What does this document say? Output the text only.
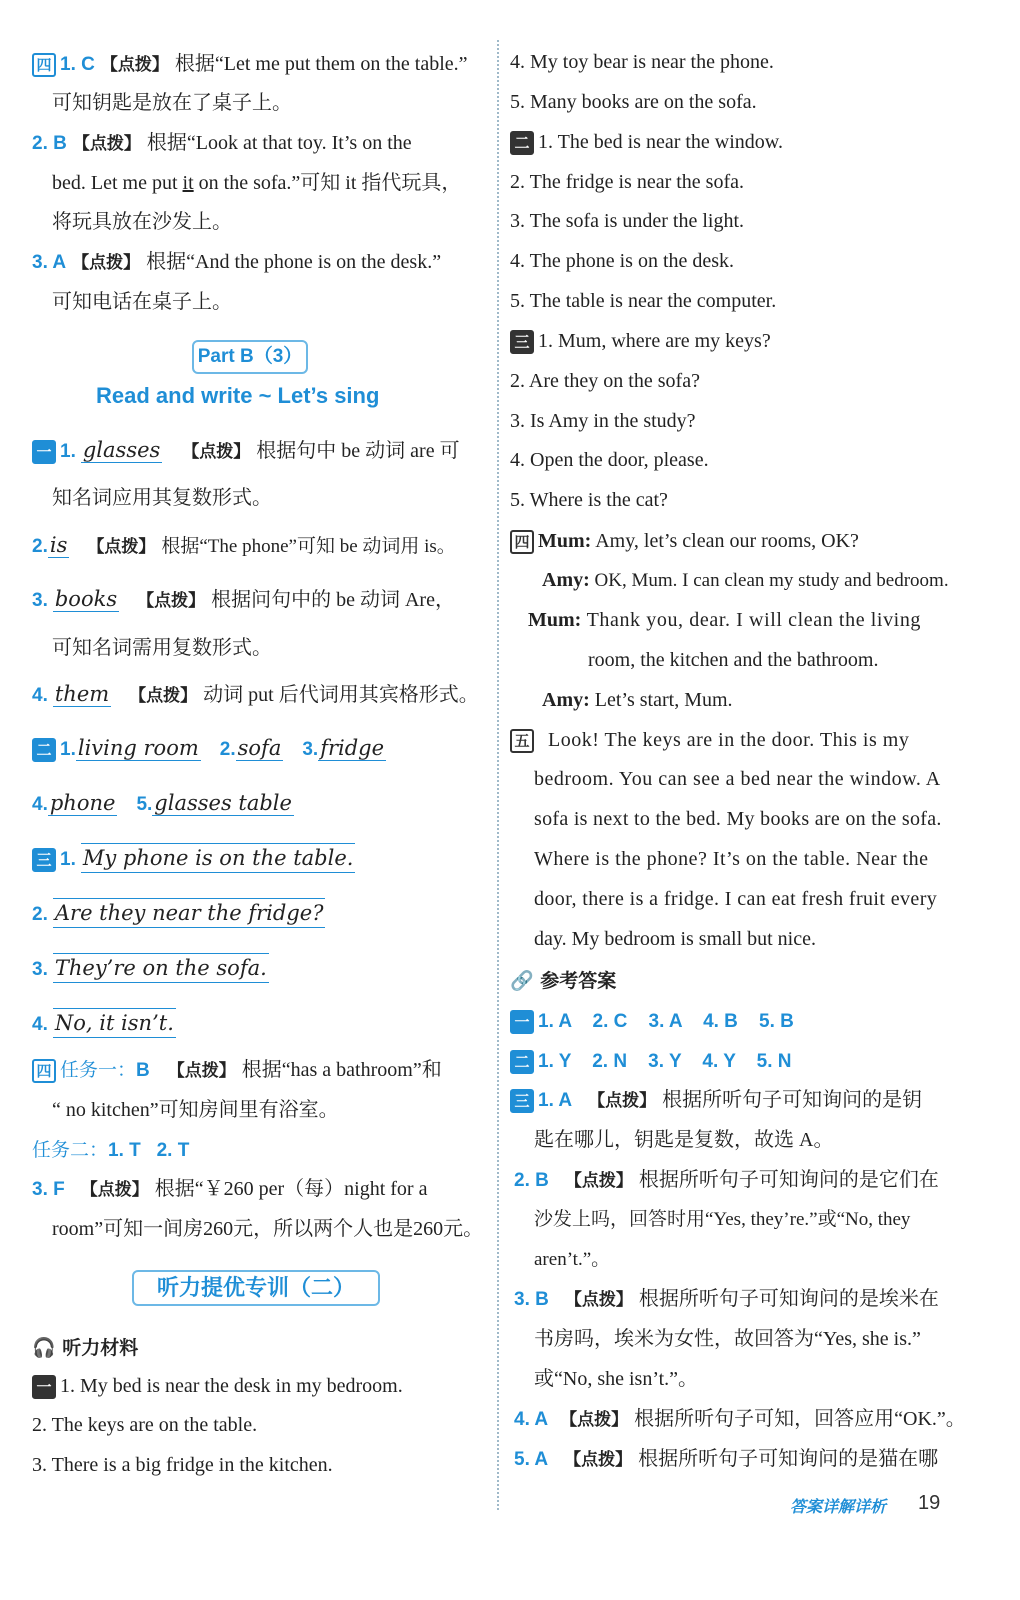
四 1. C 【点拨】 根据“Let me put them on the table.”
可知钥匙是放在了桌子上。
2. B 【点拨】 根据“Look at that toy. It’s on the
bed. Let me put it on the sofa.”可知 it 指代玩具，
将玩具放在沙发上。
3. A 【点拨】 根据“And the phone is on the desk.”
可知电话在桌子上。
Part B（3）
Read and write ~ Let’s sing
一 1. glasses 【点拨】 根据句中 be 动词 are 可
知名词应用其复数形式。
2.is 【点拨】 根据“The phone”可知 be 动词用 is。
3. books 【点拨】 根据问句中的 be 动词 Are，
可知名词需用复数形式。
4. them 【点拨】 动词 put 后代词用其宾格形式。
二 1.living room 2.sofa 3.fridge
4.phone 5.glasses table
三 1. My phone is on the table.
2. Are they near the fridge?
3. They’re on the sofa.
4. No, it isn’t.
四 任务一：B 【点拨】 根据“has a bathroom”和
“ no kitchen”可知房间里有浴室。
任务二：1. T   2. T
3. F 【点拨】 根据“￥260 per（每）night for a
room”可知一间房260元，所以两个人也是260元。
听力提优专训（二）
🎧 听力材料
一 1. My bed is near the desk in my bedroom.
2. The keys are on the table.
3. There is a big fridge in the kitchen.
4. My toy bear is near the phone.
5. Many books are on the sofa.
二 1. The bed is near the window.
2. The fridge is near the sofa.
3. The sofa is under the light.
4. The phone is on the desk.
5. The table is near the computer.
三 1. Mum, where are my keys?
2. Are they on the sofa?
3. Is Amy in the study?
4. Open the door, please.
5. Where is the cat?
四 Mum: Amy, let’s clean our rooms, OK?
Amy: OK, Mum. I can clean my study and bedroom.
Mum: Thank you, dear. I will clean the living
room, the kitchen and the bathroom.
Amy: Let’s start, Mum.
五 Look! The keys are in the door. This is my
bedroom. You can see a bed near the window. A
sofa is next to the bed. My books are on the sofa.
Where is the phone? It’s on the table. Near the
door, there is a fridge. I can eat fresh fruit every
day. My bedroom is small but nice.
🔗 参考答案
一 1. A    2. C    3. A    4. B    5. B
二 1. Y    2. N    3. Y    4. Y    5. N
三 1. A 【点拨】 根据所听句子可知询问的是钥
匙在哪儿，钥匙是复数，故选 A。
2. B 【点拨】 根据所听句子可知询问的是它们在
沙发上吗，回答时用“Yes, they’re.”或“No, they
aren’t.”。
3. B 【点拨】 根据所听句子可知询问的是埃米在
书房吗，埃米为女性，故回答为“Yes, she is.”
或“No, she isn’t.”。
4. A 【点拨】 根据所听句子可知，回答应用“OK.”。
5. A 【点拨】 根据所听句子可知询问的是猫在哪
答案详解详析 19
